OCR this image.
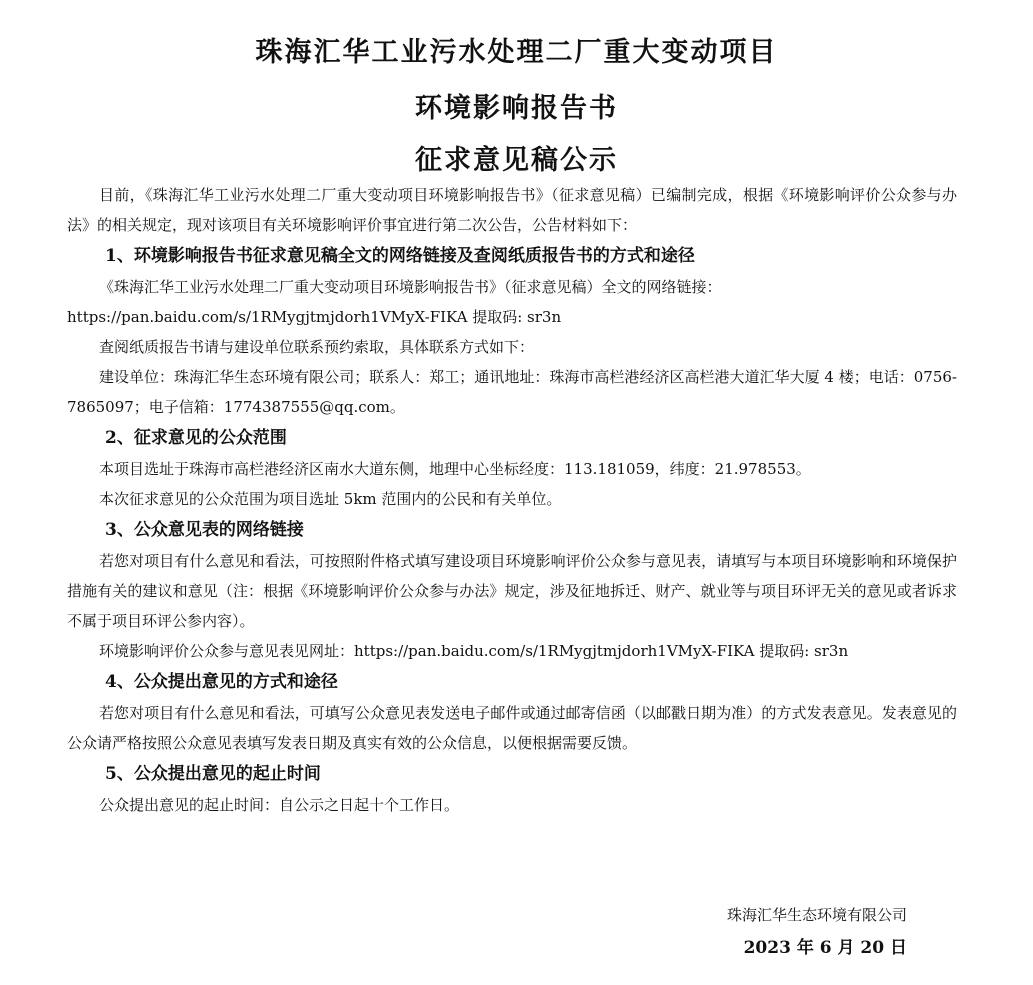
珠海汇华工业污水处理二厂重大变动项目
环境影响报告书
征求意见稿公示

目前，《珠海汇华工业污水处理二厂重大变动项目环境影响报告书》（征求意见稿）已编制完成，根据《环境影响评价公众参与办法》的相关规定，现对该项目有关环境影响评价事宜进行第二次公告，公告材料如下：

1、环境影响报告书征求意见稿全文的网络链接及查阅纸质报告书的方式和途径

《珠海汇华工业污水处理二厂重大变动项目环境影响报告书》（征求意见稿）全文的网络链接：

https://pan.baidu.com/s/1RMygjtmjdorh1VMyX-FIKA 提取码: sr3n

查阅纸质报告书请与建设单位联系预约索取，具体联系方式如下：

建设单位：珠海汇华生态环境有限公司；联系人：郑工；通讯地址：珠海市高栏港经济区高栏港大道汇华大厦 4 楼；电话：0756-7865097；电子信箱：1774387555@qq.com。

2、征求意见的公众范围

本项目选址于珠海市高栏港经济区南水大道东侧，地理中心坐标经度：113.181059，纬度：21.978553。

本次征求意见的公众范围为项目选址 5km 范围内的公民和有关单位。

3、公众意见表的网络链接

若您对项目有什么意见和看法，可按照附件格式填写建设项目环境影响评价公众参与意见表，请填写与本项目环境影响和环境保护措施有关的建议和意见（注：根据《环境影响评价公众参与办法》规定，涉及征地拆迁、财产、就业等与项目环评无关的意见或者诉求不属于项目环评公参内容）。

环境影响评价公众参与意见表见网址：https://pan.baidu.com/s/1RMygjtmjdorh1VMyX-FIKA 提取码: sr3n

4、公众提出意见的方式和途径

若您对项目有什么意见和看法，可填写公众意见表发送电子邮件或通过邮寄信函（以邮戳日期为准）的方式发表意见。发表意见的公众请严格按照公众意见表填写发表日期及真实有效的公众信息，以便根据需要反馈。

5、公众提出意见的起止时间

公众提出意见的起止时间：自公示之日起十个工作日。

珠海汇华生态环境有限公司
2023 年 6 月 20 日
